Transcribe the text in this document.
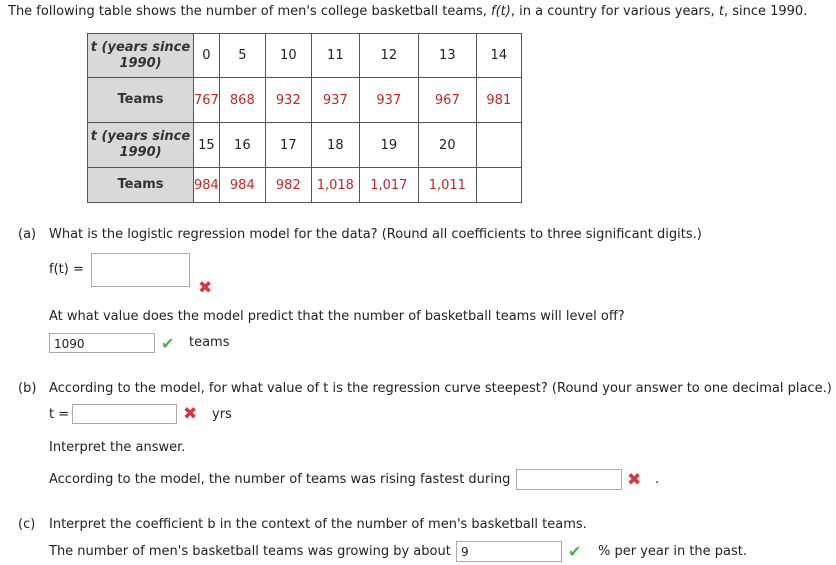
The following table shows the number of men's college basketball teams, f(t), in a country for various years, t, since 1990.
t (years since 1990)	0	5	10	11	12	13	14
Teams	767	868	932	937	937	967	981
t (years since 1990)	15	16	17	18	19	20	
Teams	984	984	982	1,018	1,017	1,011	
(a) What is the logistic regression model for the data? (Round all coefficients to three significant digits.)
f(t) =
✖
At what value does the model predict that the number of basketball teams will level off?
1090	✔ teams
(b) According to the model, for what value of t is the regression curve steepest? (Round your answer to one decimal place.)
t =	✖ yrs
Interpret the answer.
According to the model, the number of teams was rising fastest during	✖ .
(c) Interpret the coefficient b in the context of the number of men's basketball teams.
The number of men's basketball teams was growing by about 9	✔ % per year in the past.
